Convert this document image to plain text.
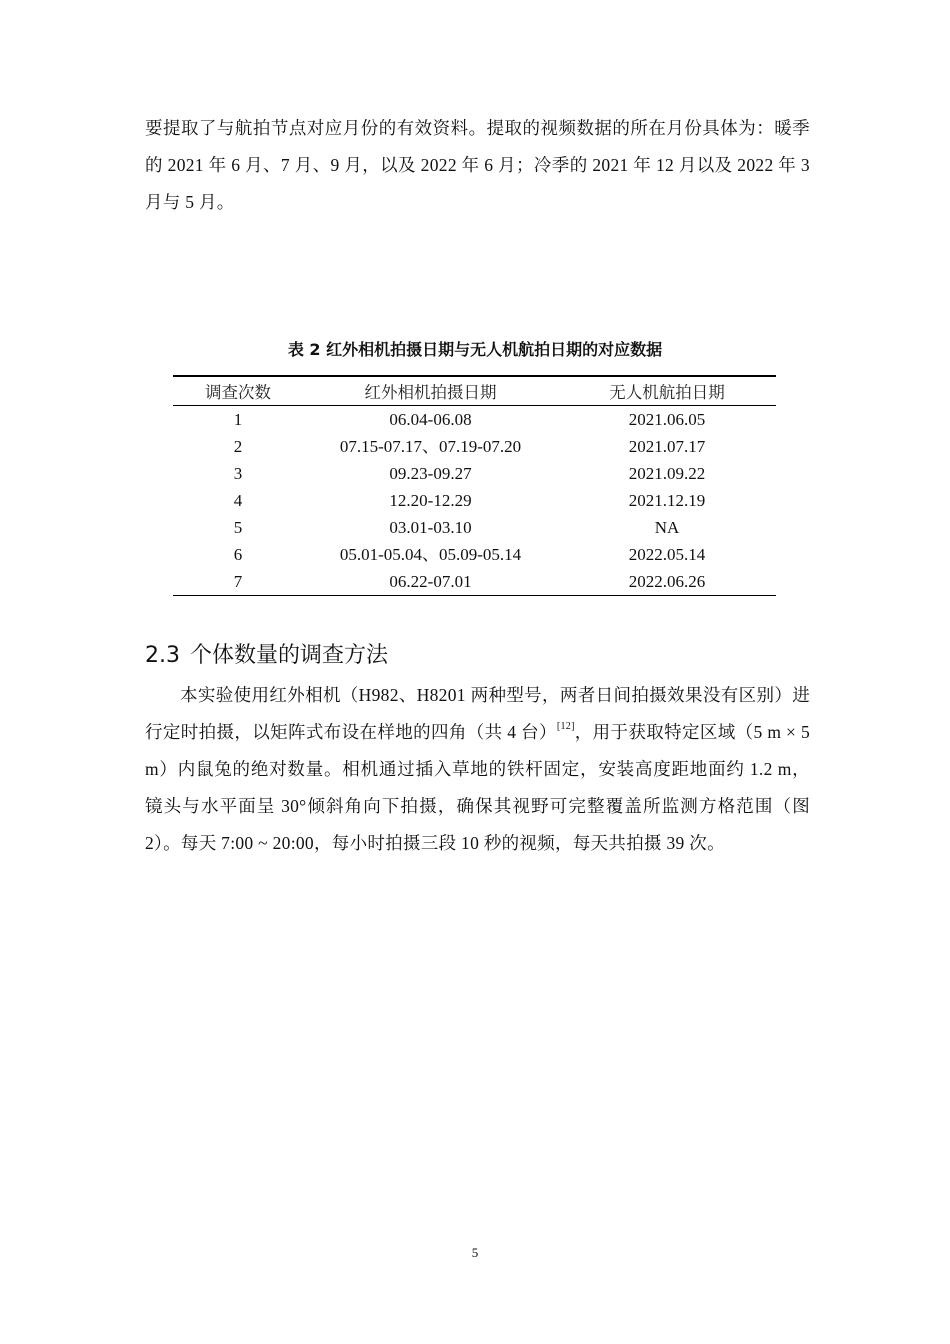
要提取了与航拍节点对应月份的有效资料。提取的视频数据的所在月份具体为：暖季的 2021 年 6 月、7 月、9 月，以及 2022 年 6 月；冷季的 2021 年 12 月以及 2022 年 3 月与 5 月。

表 2 红外相机拍摄日期与无人机航拍日期的对应数据

调查次数	红外相机拍摄日期	无人机航拍日期
1	06.04-06.08	2021.06.05
2	07.15-07.17、07.19-07.20	2021.07.17
3	09.23-09.27	2021.09.22
4	12.20-12.29	2021.12.19
5	03.01-03.10	NA
6	05.01-05.04、05.09-05.14	2022.05.14
7	06.22-07.01	2022.06.26
2.3 个体数量的调查方法

本实验使用红外相机（H982、H8201 两种型号，两者日间拍摄效果没有区别）进行定时拍摄，以矩阵式布设在样地的四角（共 4 台）[12]，用于获取特定区域（5 m × 5 m）内鼠兔的绝对数量。相机通过插入草地的铁杆固定，安装高度距地面约 1.2 m，镜头与水平面呈 30°倾斜角向下拍摄，确保其视野可完整覆盖所监测方格范围（图 2）。每天 7:00 ~ 20:00，每小时拍摄三段 10 秒的视频，每天共拍摄 39 次。

5
